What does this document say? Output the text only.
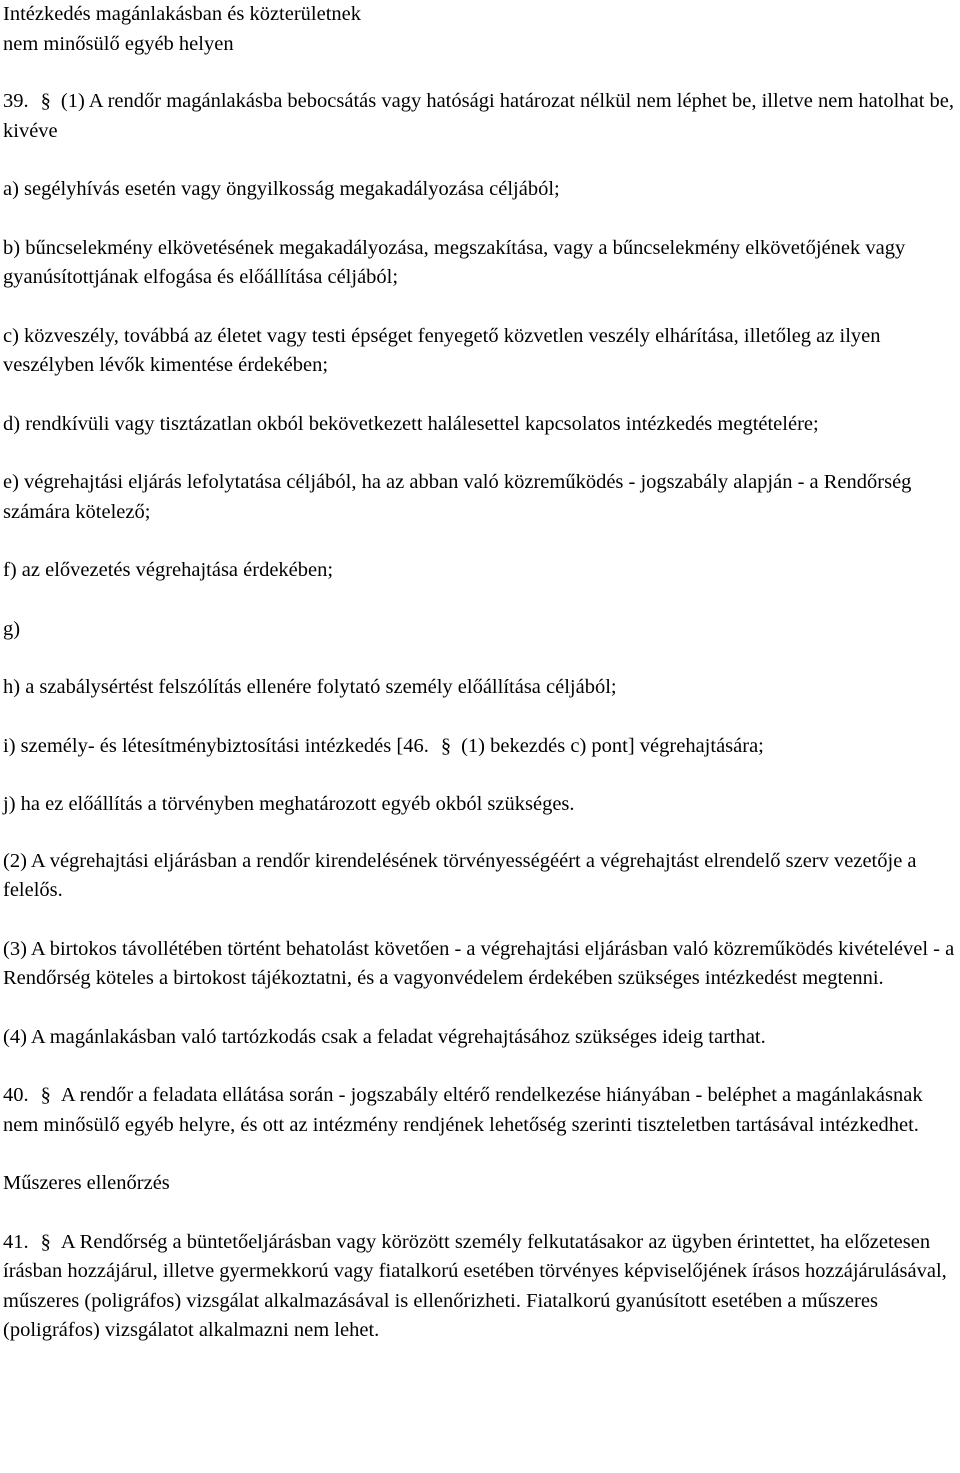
Intézkedés magánlakásban és közterületnek
nem minősülő egyéb helyen
39. § (1) A rendőr magánlakásba bebocsátás vagy hatósági határozat nélkül nem léphet be, illetve nem hatolhat be, kivéve
a) segélyhívás esetén vagy öngyilkosság megakadályozása céljából;
b) bűncselekmény elkövetésének megakadályozása, megszakítása, vagy a bűncselekmény elkövetőjének vagy gyanúsítottjának elfogása és előállítása céljából;
c) közveszély, továbbá az életet vagy testi épséget fenyegető közvetlen veszély elhárítása, illetőleg az ilyen veszélyben lévők kimentése érdekében;
d) rendkívüli vagy tisztázatlan okból bekövetkezett halálesettel kapcsolatos intézkedés megtételére;
e) végrehajtási eljárás lefolytatása céljából, ha az abban való közreműködés - jogszabály alapján - a Rendőrség számára kötelező;
f) az elővezetés végrehajtása érdekében;
g)
h) a szabálysértést felszólítás ellenére folytató személy előállítása céljából;
i) személy- és létesítménybiztosítási intézkedés [46. § (1) bekezdés c) pont] végrehajtására;
j) ha ez előállítás a törvényben meghatározott egyéb okból szükséges.
(2) A végrehajtási eljárásban a rendőr kirendelésének törvényességéért a végrehajtást elrendelő szerv vezetője a felelős.
(3) A birtokos távollétében történt behatolást követően - a végrehajtási eljárásban való közreműködés kivételével - a Rendőrség köteles a birtokost tájékoztatni, és a vagyonvédelem érdekében szükséges intézkedést megtenni.
(4) A magánlakásban való tartózkodás csak a feladat végrehajtásához szükséges ideig tarthat.
40. § A rendőr a feladata ellátása során - jogszabály eltérő rendelkezése hiányában - beléphet a magánlakásnak nem minősülő egyéb helyre, és ott az intézmény rendjének lehetőség szerinti tiszteletben tartásával intézkedhet.
Műszeres ellenőrzés
41. § A Rendőrség a büntetőeljárásban vagy körözött személy felkutatásakor az ügyben érintettet, ha előzetesen írásban hozzájárul, illetve gyermekkorú vagy fiatalkorú esetében törvényes képviselőjének írásos hozzájárulásával, műszeres (poligráfos) vizsgálat alkalmazásával is ellenőrizheti. Fiatalkorú gyanúsított esetében a műszeres (poligráfos) vizsgálatot alkalmazni nem lehet.
